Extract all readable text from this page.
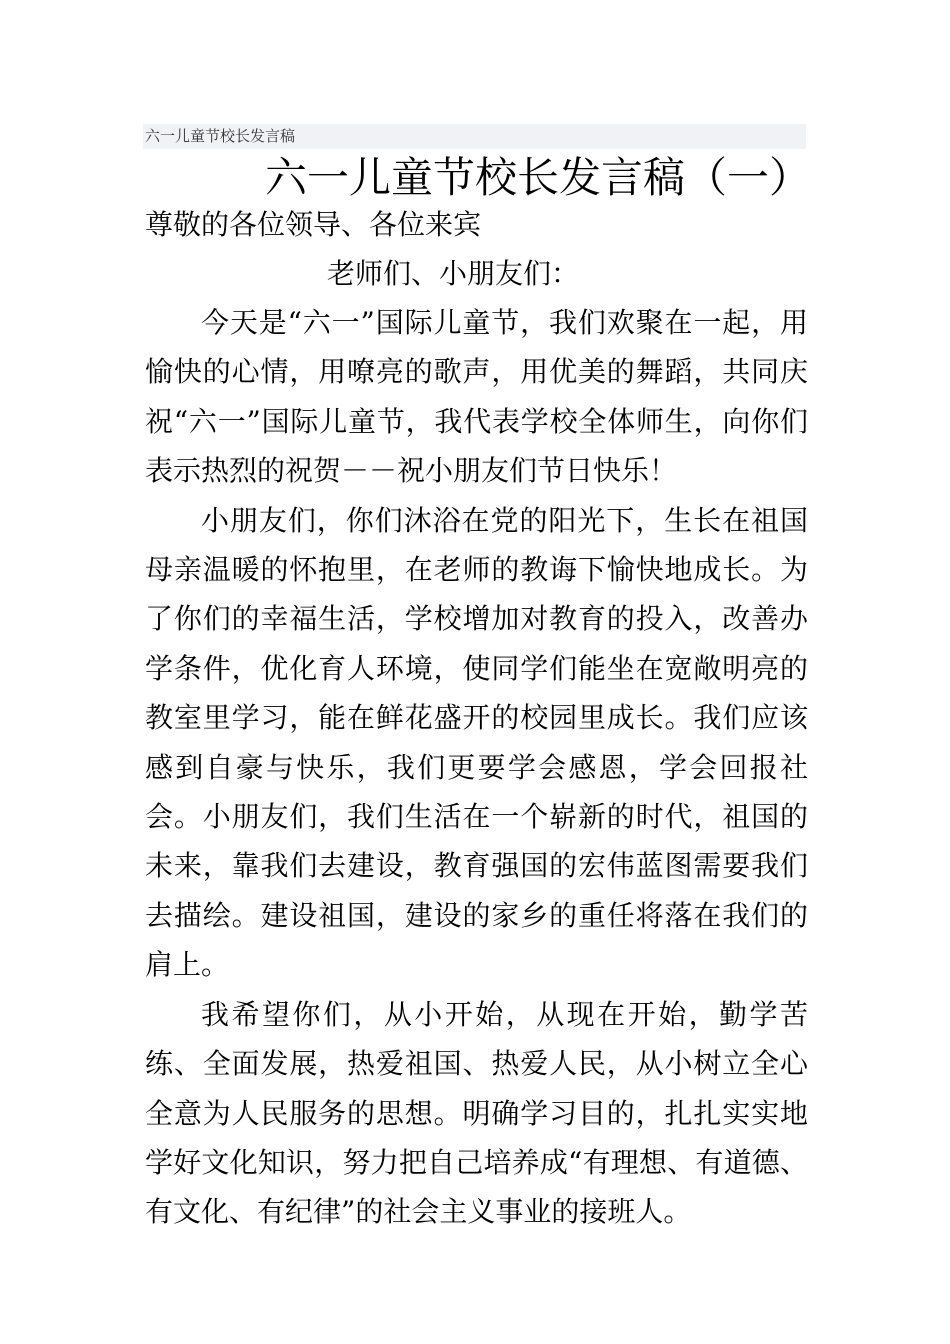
六一儿童节校长发言稿
六一儿童节校长发言稿（一）
尊敬的各位领导、各位来宾
老师们、小朋友们：

今天是“六一”国际儿童节，我们欢聚在一起，用愉快的心情，用嘹亮的歌声，用优美的舞蹈，共同庆祝“六一”国际儿童节，我代表学校全体师生，向你们表示热烈的祝贺－－祝小朋友们节日快乐！

小朋友们，你们沐浴在党的阳光下，生长在祖国母亲温暖的怀抱里，在老师的教诲下愉快地成长。为了你们的幸福生活，学校增加对教育的投入，改善办学条件，优化育人环境，使同学们能坐在宽敞明亮的教室里学习，能在鲜花盛开的校园里成长。我们应该感到自豪与快乐，我们更要学会感恩，学会回报社会。小朋友们，我们生活在一个崭新的时代，祖国的未来，靠我们去建设，教育强国的宏伟蓝图需要我们去描绘。建设祖国，建设的家乡的重任将落在我们的肩上。

我希望你们，从小开始，从现在开始，勤学苦练、全面发展，热爱祖国、热爱人民，从小树立全心全意为人民服务的思想。明确学习目的，扎扎实实地学好文化知识，努力把自己培养成“有理想、有道德、有文化、有纪律”的社会主义事业的接班人。
